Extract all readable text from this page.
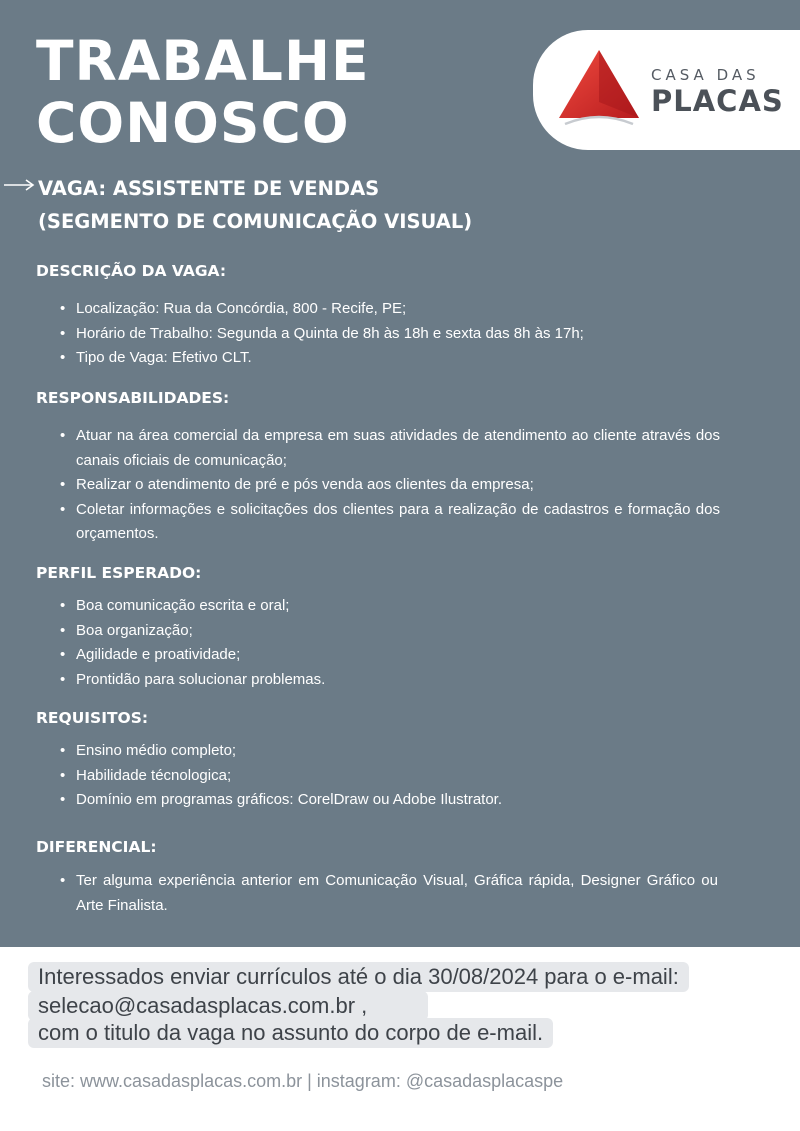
TRABALHE
CONOSCO
CASA DAS
PLACAS
VAGA: ASSISTENTE DE VENDAS
(SEGMENTO DE COMUNICAÇÃO VISUAL)
DESCRIÇÃO DA VAGA:
• Localização: Rua da Concórdia, 800 - Recife, PE;
• Horário de Trabalho: Segunda a Quinta de 8h às 18h e sexta das 8h às 17h;
• Tipo de Vaga: Efetivo CLT.
RESPONSABILIDADES:
• Atuar na área comercial da empresa em suas atividades de atendimento ao cliente através dos canais oficiais de comunicação;
• Realizar o atendimento de pré e pós venda aos clientes da empresa;
• Coletar informações e solicitações dos clientes para a realização de cadastros e formação dos orçamentos.
PERFIL ESPERADO:
• Boa comunicação escrita e oral;
• Boa organização;
• Agilidade e proatividade;
• Prontidão para solucionar problemas.
REQUISITOS:
• Ensino médio completo;
• Habilidade técnologica;
• Domínio em programas gráficos: CorelDraw ou Adobe Ilustrator.
DIFERENCIAL:
• Ter alguma experiência anterior em Comunicação Visual, Gráfica rápida, Designer Gráfico ou Arte Finalista.
Interessados enviar currículos até o dia 30/08/2024 para o e-mail:
selecao@casadasplacas.com.br ,
com o titulo da vaga no assunto do corpo de e-mail.
site: www.casadasplacas.com.br | instagram: @casadasplacaspe
